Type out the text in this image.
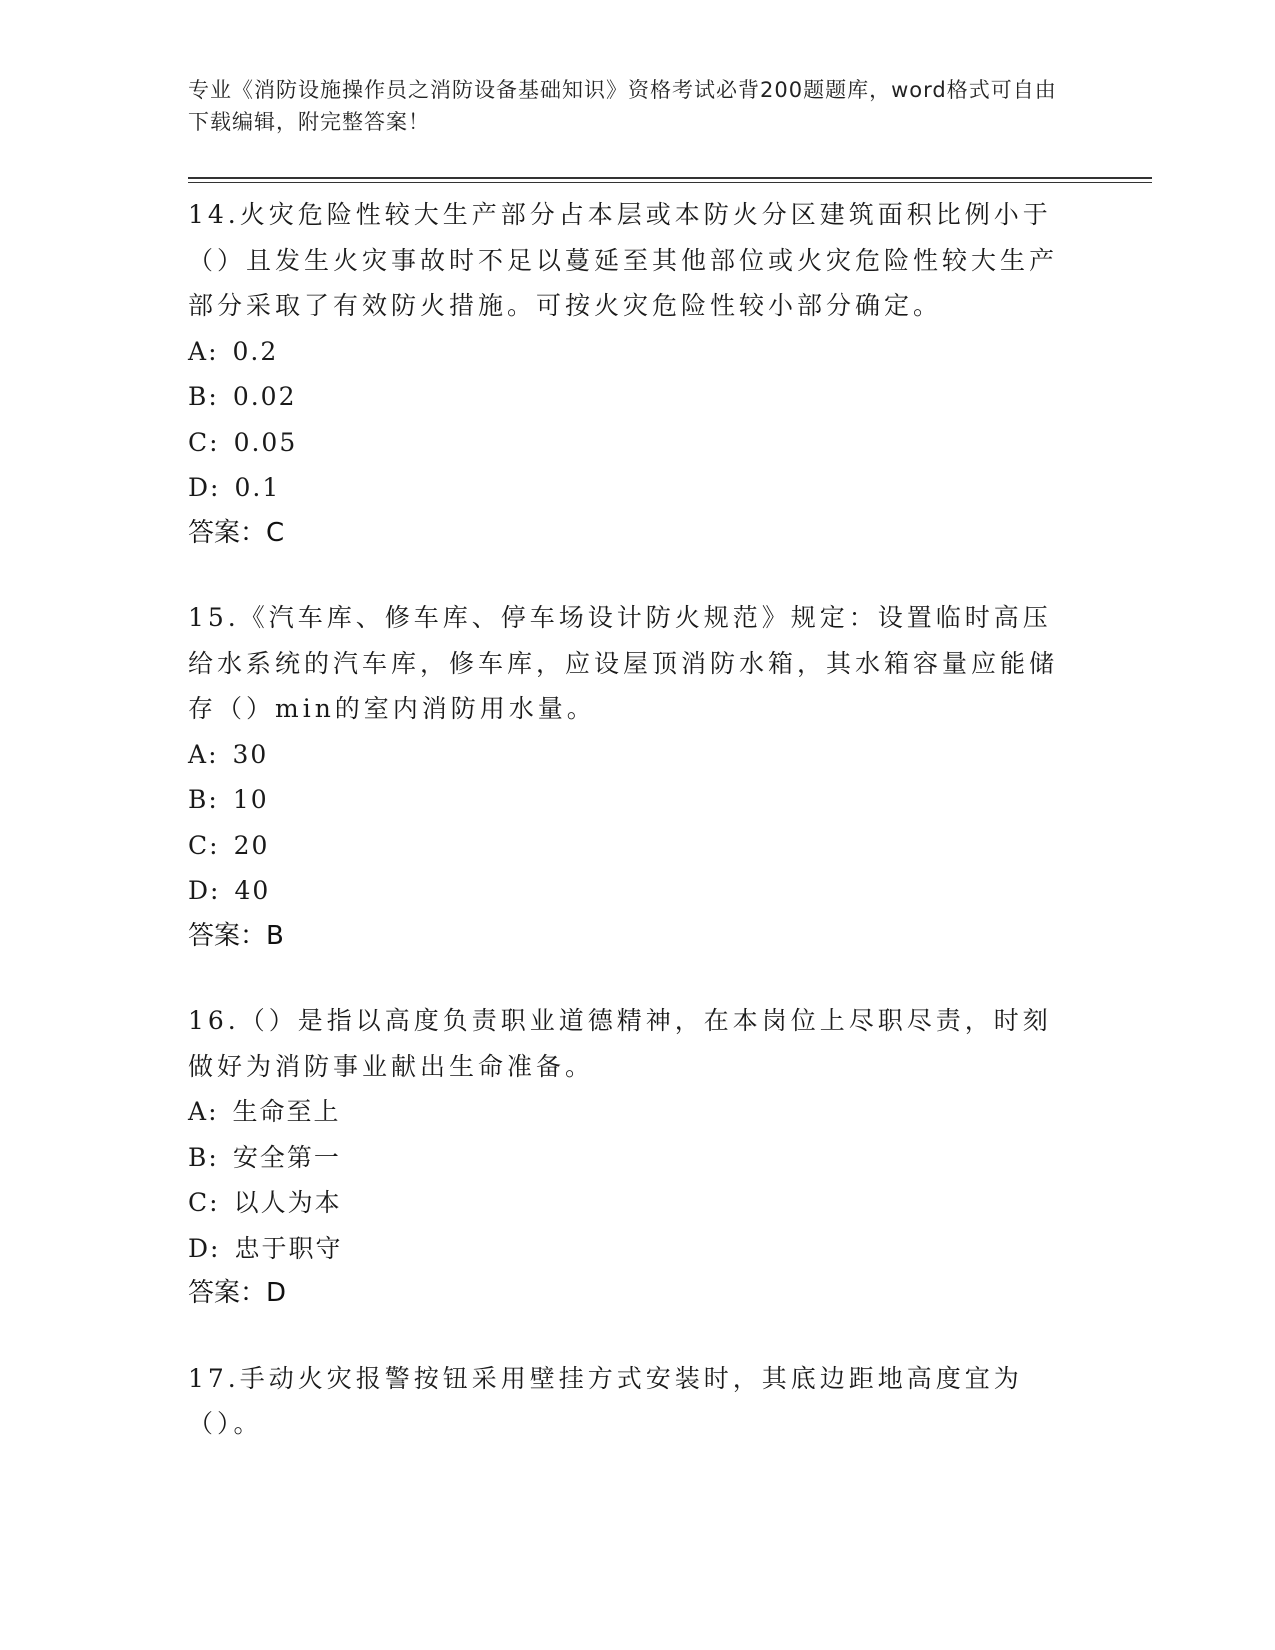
专业《消防设施操作员之消防设备基础知识》资格考试必背200题题库，word格式可自由下载编辑，附完整答案！

14.火灾危险性较大生产部分占本层或本防火分区建筑面积比例小于（）且发生火灾事故时不足以蔓延至其他部位或火灾危险性较大生产部分采取了有效防火措施。可按火灾危险性较小部分确定。

A: 0.2

B: 0.02

C: 0.05

D: 0.1

答案：C

15.《汽车库、修车库、停车场设计防火规范》规定：设置临时高压给水系统的汽车库，修车库，应设屋顶消防水箱，其水箱容量应能储存（）min的室内消防用水量。

A: 30

B: 10

C: 20

D: 40

答案：B

16.（）是指以高度负责职业道德精神，在本岗位上尽职尽责，时刻做好为消防事业献出生命准备。

A: 生命至上

B: 安全第一

C: 以人为本

D: 忠于职守

答案：D

17.手动火灾报警按钮采用壁挂方式安装时，其底边距地高度宜为（）。
